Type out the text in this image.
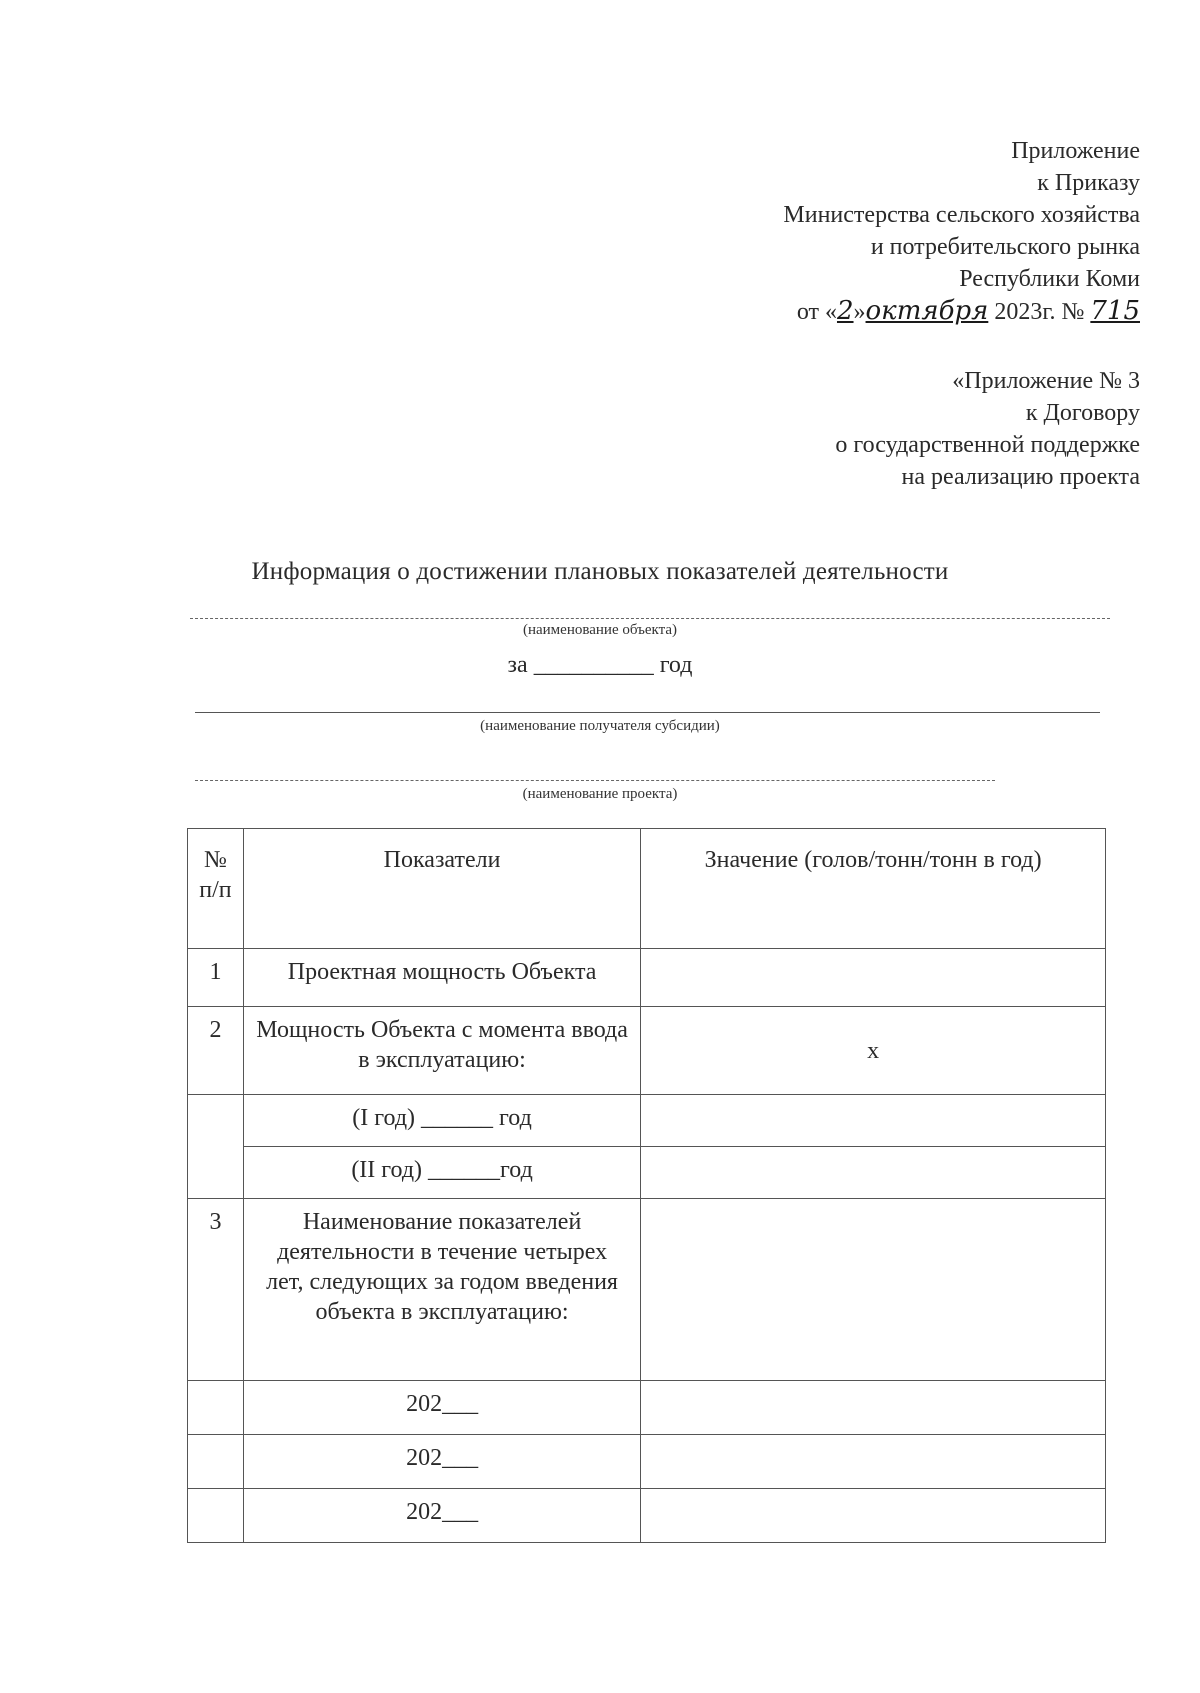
Приложение
к Приказу
Министерства сельского хозяйства
и потребительского рынка
Республики Коми
от «2»октября 2023г. № 715
«Приложение № 3
к Договору
о государственной поддержке
на реализацию проекта
Информация о достижении плановых показателей деятельности
(наименование объекта)
за __________ год
(наименование получателя субсидии)
(наименование проекта)
№ п/п	Показатели	Значение (голов/тонн/тонн в год)

1	Проектная мощность Объекта	

2	Мощность Объекта с момента ввода в эксплуатацию:	х

	(I год) ______ год	

	(II год) ______год	

3	Наименование показателей деятельности в течение четырех лет, следующих за годом введения объекта в эксплуатацию:	

	202___	

	202___	

	202___	
